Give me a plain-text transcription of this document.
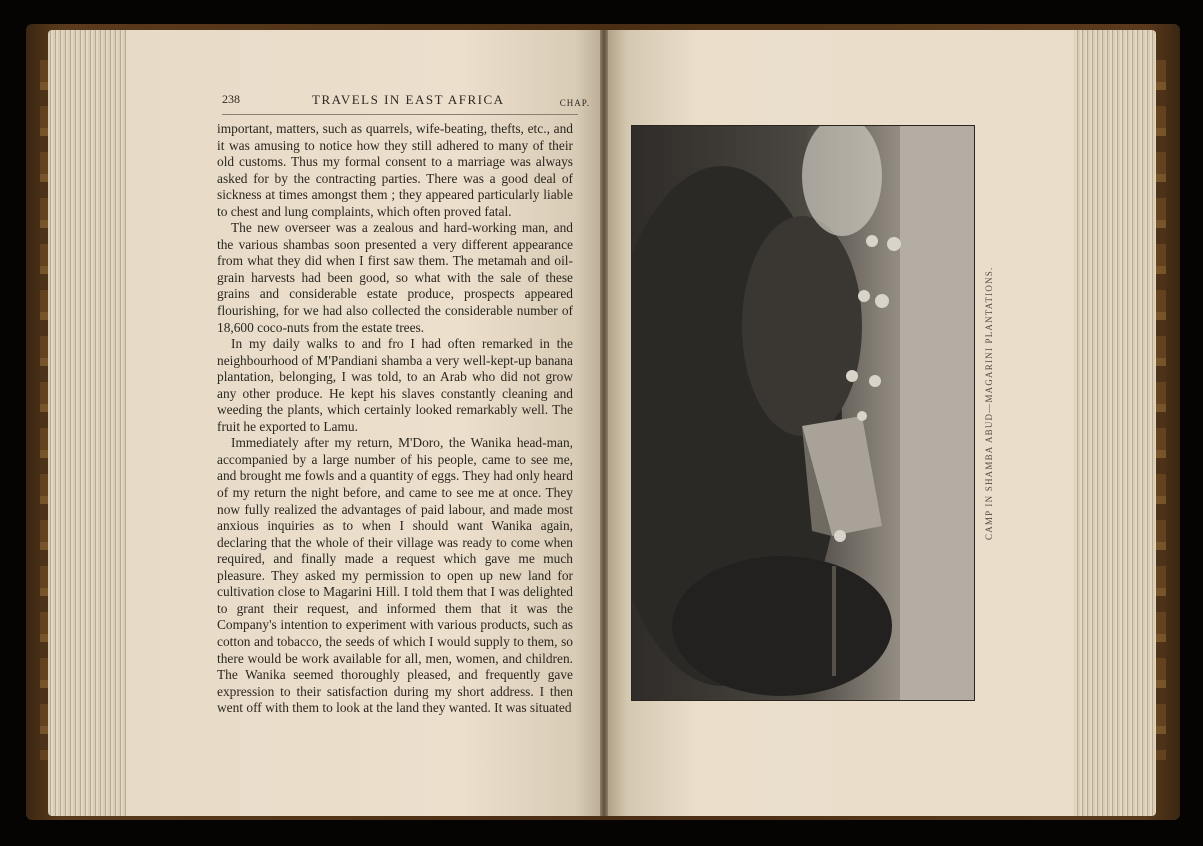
238	TRAVELS IN EAST AFRICA	CHAP.

important, matters, such as quarrels, wife-beating, thefts, etc., and it was amusing to notice how they still adhered to many of their old customs. Thus my formal consent to a marriage was always asked for by the contracting parties. There was a good deal of sickness at times amongst them ; they appeared particularly liable to chest and lung complaints, which often proved fatal.

The new overseer was a zealous and hard-working man, and the various shambas soon presented a very different appearance from what they did when I first saw them. The metamah and oil-grain harvests had been good, so what with the sale of these grains and considerable estate produce, prospects appeared flourishing, for we had also collected the considerable number of 18,600 coco-nuts from the estate trees.

In my daily walks to and fro I had often remarked in the neighbourhood of M'Pandiani shamba a very well-kept-up banana plantation, belonging, I was told, to an Arab who did not grow any other produce. He kept his slaves constantly cleaning and weeding the plants, which certainly looked remarkably well. The fruit he exported to Lamu.

Immediately after my return, M'Doro, the Wanika head-man, accompanied by a large number of his people, came to see me, and brought me fowls and a quantity of eggs. They had only heard of my return the night before, and came to see me at once. They now fully realized the advantages of paid labour, and made most anxious inquiries as to when I should want Wanika again, declaring that the whole of their village was ready to come when required, and finally made a request which gave me much pleasure. They asked my permission to open up new land for cultivation close to Magarini Hill. I told them that I was delighted to grant their request, and informed them that it was the Company's intention to experiment with various products, such as cotton and tobacco, the seeds of which I would supply to them, so there would be work available for all, men, women, and children. The Wanika seemed thoroughly pleased, and frequently gave expression to their satisfaction during my short address. I then went off with them to look at the land they wanted. It was situated

CAMP IN SHAMBA ABUD—MAGARINI PLANTATIONS.
